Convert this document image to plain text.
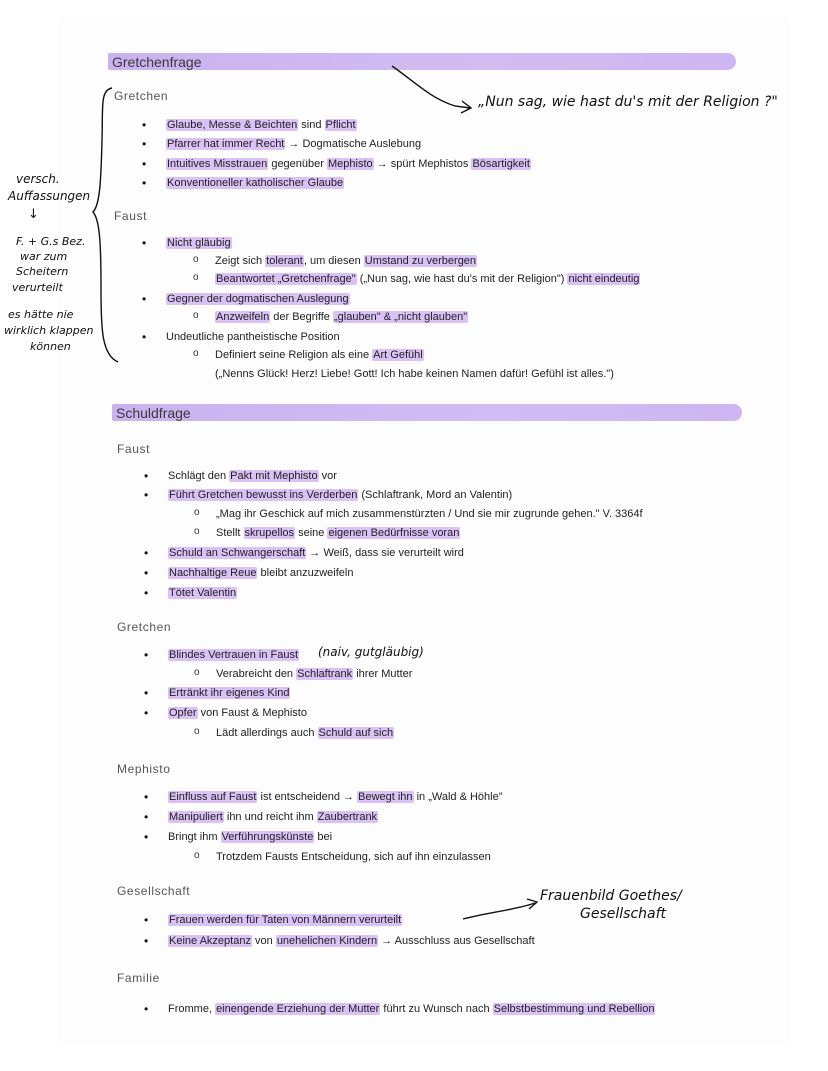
Gretchenfrage
Gretchen
• Glaube, Messe & Beichten sind Pflicht
• Pfarrer hat immer Recht → Dogmatische Auslebung
• Intuitives Misstrauen gegenüber Mephisto → spürt Mephistos Bösartigkeit
• Konventioneller katholischer Glaube
Faust
• Nicht gläubig
o Zeigt sich tolerant, um diesen Umstand zu verbergen
o Beantwortet „Gretchenfrage" („Nun sag, wie hast du's mit der Religion") nicht eindeutig
• Gegner der dogmatischen Auslegung
o Anzweifeln der Begriffe „glauben" & „nicht glauben"
• Undeutliche pantheistische Position
o Definiert seine Religion als eine Art Gefühl
(„Nenns Glück! Herz! Liebe! Gott! Ich habe keinen Namen dafür! Gefühl ist alles.")
Schuldfrage
Faust
• Schlägt den Pakt mit Mephisto vor
• Führt Gretchen bewusst ins Verderben (Schlaftrank, Mord an Valentin)
o „Mag ihr Geschick auf mich zusammenstürzten / Und sie mir zugrunde gehen." V. 3364f
o Stellt skrupellos seine eigenen Bedürfnisse voran
• Schuld an Schwangerschaft → Weiß, dass sie verurteilt wird
• Nachhaltige Reue bleibt anzuzweifeln
• Tötet Valentin
Gretchen
• Blindes Vertrauen in Faust
o Verabreicht den Schlaftrank ihrer Mutter
• Ertränkt ihr eigenes Kind
• Opfer von Faust & Mephisto
o Lädt allerdings auch Schuld auf sich
Mephisto
• Einfluss auf Faust ist entscheidend → Bewegt ihn in „Wald & Höhle"
• Manipuliert ihn und reicht ihm Zaubertrank
• Bringt ihm Verführungskünste bei
o Trotzdem Fausts Entscheidung, sich auf ihn einzulassen
Gesellschaft
• Frauen werden für Taten von Männern verurteilt
• Keine Akzeptanz von unehelichen Kindern → Ausschluss aus Gesellschaft
Familie
• Fromme, einengende Erziehung der Mutter führt zu Wunsch nach Selbstbestimmung und Rebellion
„Nun sag, wie hast du's mit der Religion ?"
versch.
Auffassungen
↓
F. + G.s Bez.
war zum
Scheitern
verurteilt
es hätte nie
wirklich klappen
können
(naiv, gutgläubig)
Frauenbild Goethes/
Gesellschaft
